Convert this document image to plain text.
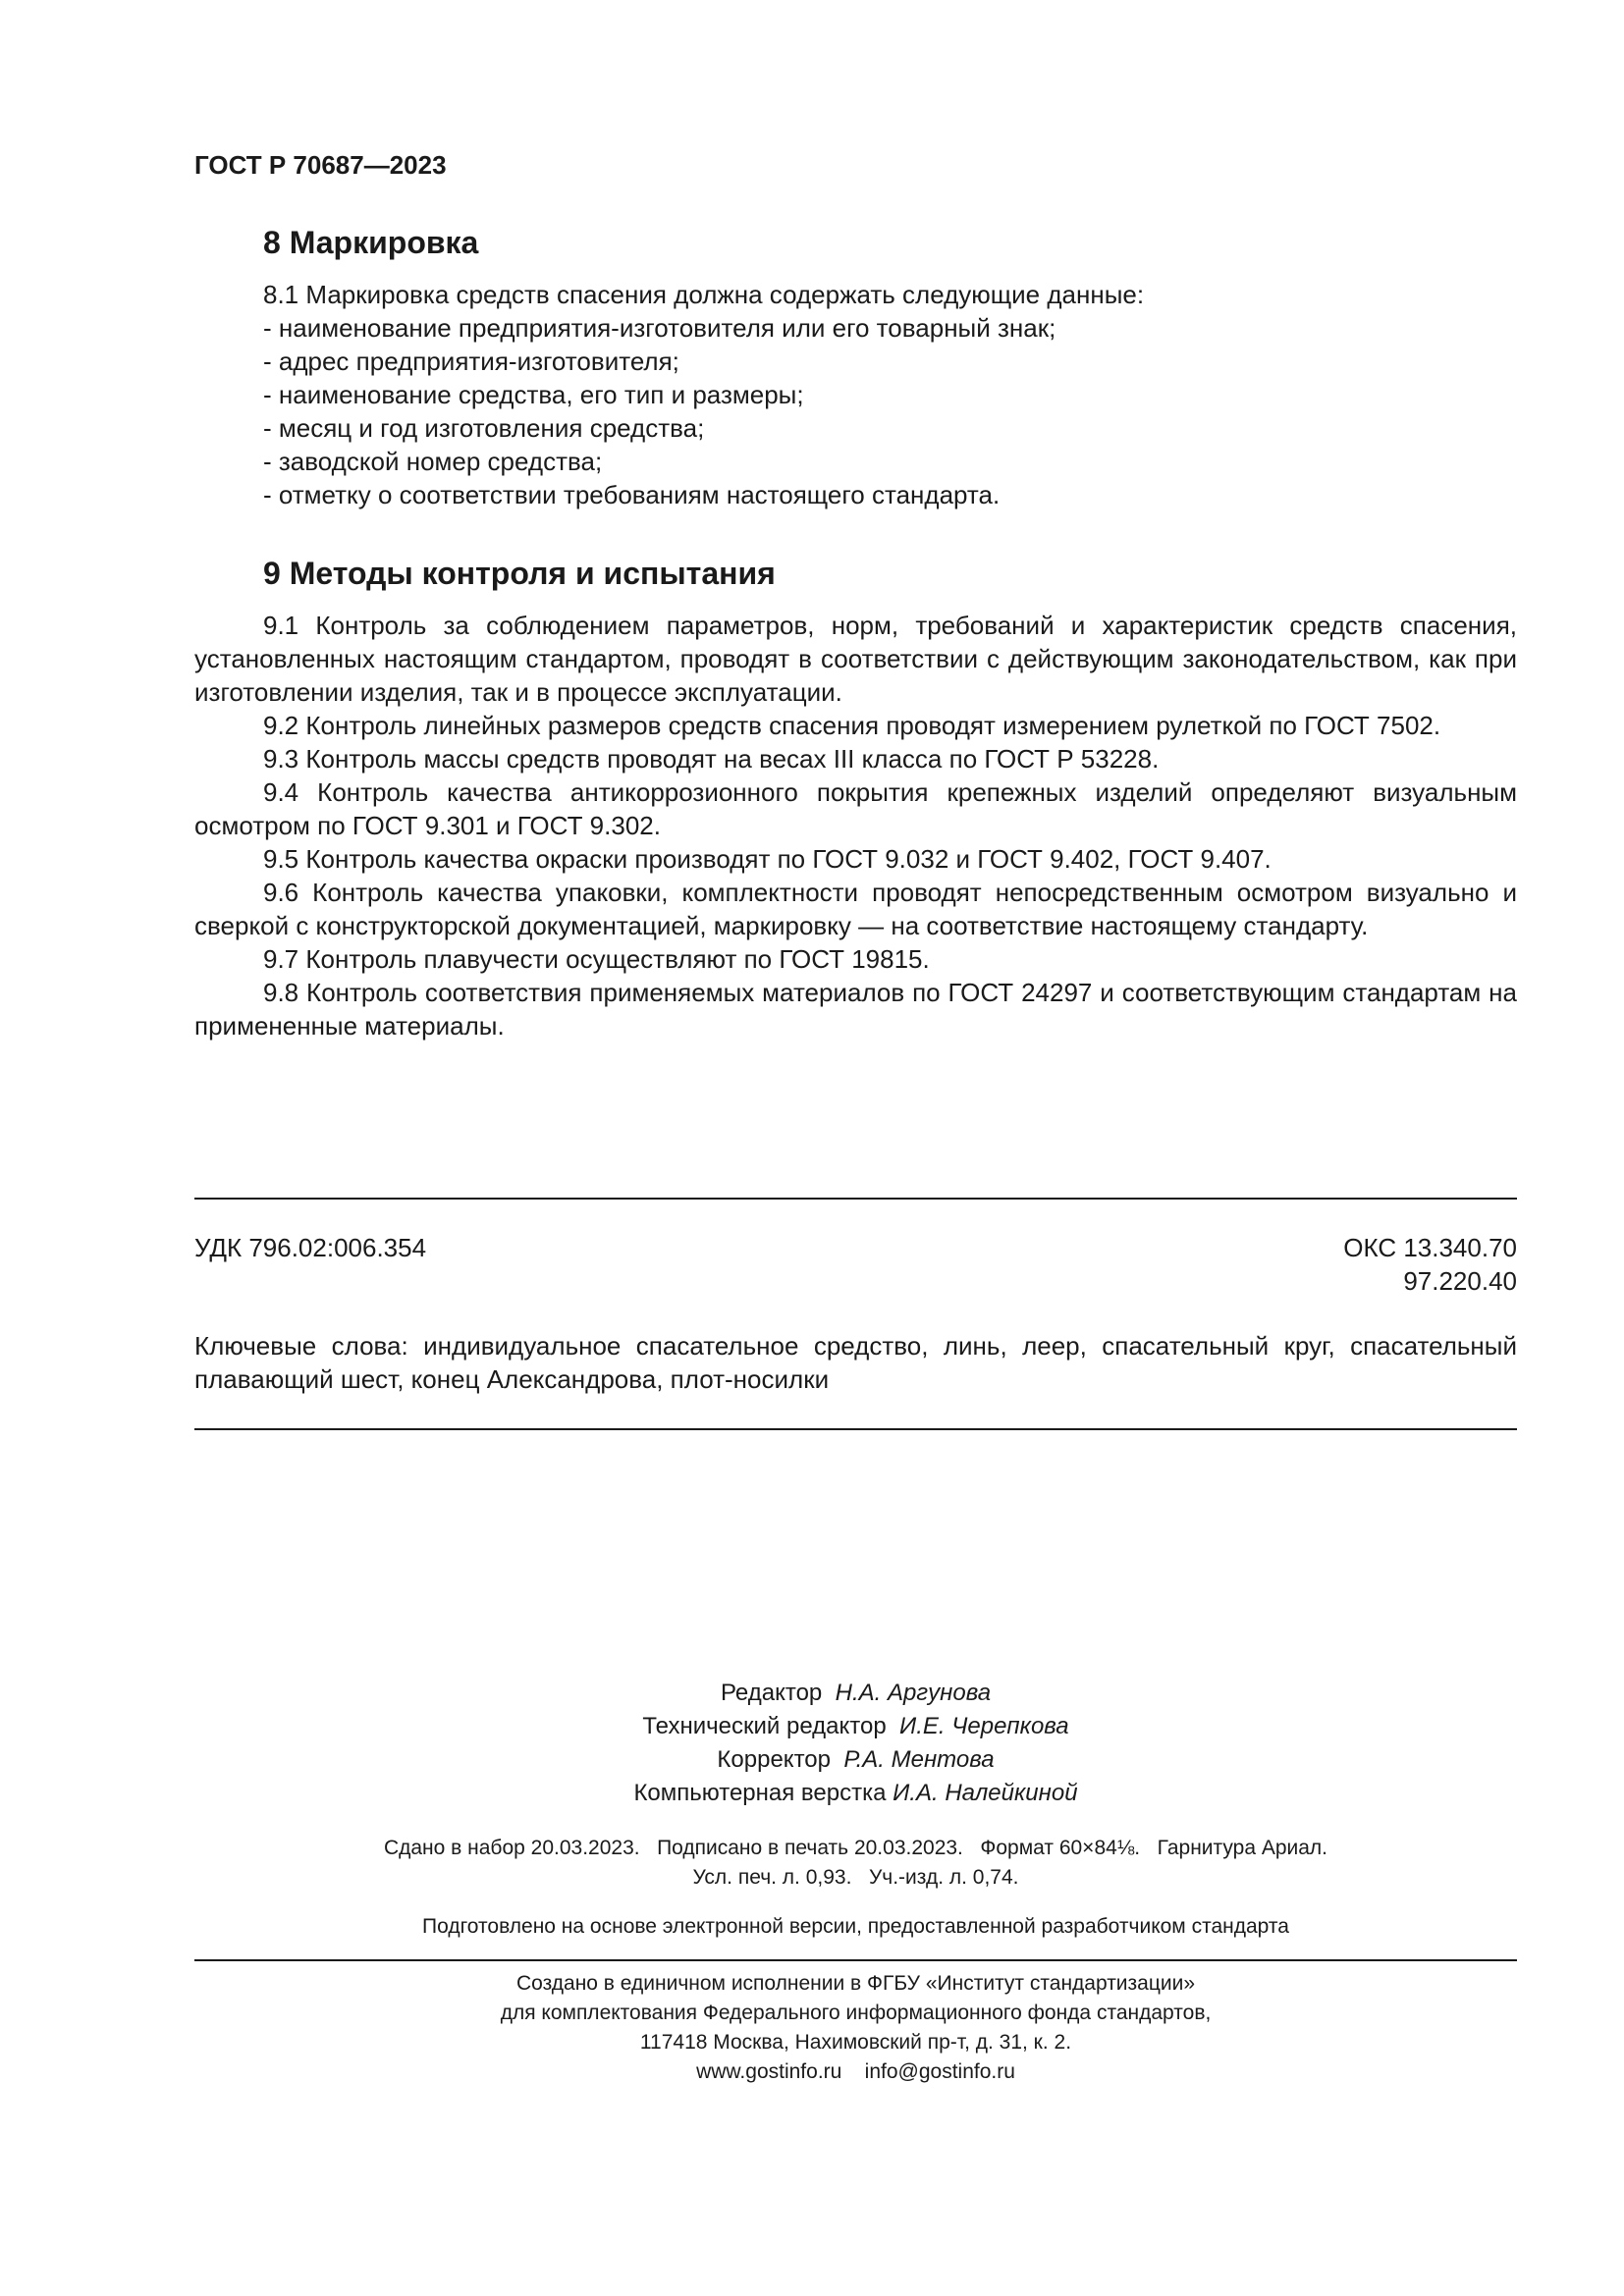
ГОСТ Р 70687—2023
8 Маркировка
8.1 Маркировка средств спасения должна содержать следующие данные:
- наименование предприятия-изготовителя или его товарный знак;
- адрес предприятия-изготовителя;
- наименование средства, его тип и размеры;
- месяц и год изготовления средства;
- заводской номер средства;
- отметку о соответствии требованиям настоящего стандарта.
9 Методы контроля и испытания

9.1 Контроль за соблюдением параметров, норм, требований и характеристик средств спасения, установленных настоящим стандартом, проводят в соответствии с действующим законодательством, как при изготовлении изделия, так и в процессе эксплуатации.

9.2 Контроль линейных размеров средств спасения проводят измерением рулеткой по ГОСТ 7502.

9.3 Контроль массы средств проводят на весах III класса по ГОСТ Р 53228.

9.4 Контроль качества антикоррозионного покрытия крепежных изделий определяют визуальным осмотром по ГОСТ 9.301 и ГОСТ 9.302.

9.5 Контроль качества окраски производят по ГОСТ 9.032 и ГОСТ 9.402, ГОСТ 9.407.

9.6 Контроль качества упаковки, комплектности проводят непосредственным осмотром визуально и сверкой с конструкторской документацией, маркировку — на соответствие настоящему стандарту.

9.7 Контроль плавучести осуществляют по ГОСТ 19815.

9.8 Контроль соответствия применяемых материалов по ГОСТ 24297 и соответствующим стандартам на примененные материалы.

УДК 796.02:006.354	ОКС 13.340.70
97.220.40
Ключевые слова: индивидуальное спасательное средство, линь, леер, спасательный круг, спасательный плавающий шест, конец Александрова, плот-носилки
Редактор Н.А. Аргунова
Технический редактор И.Е. Черепкова
Корректор Р.А. Ментова
Компьютерная верстка И.А. Налейкиной
Сдано в набор 20.03.2023.   Подписано в печать 20.03.2023.   Формат 60×84⅛.   Гарнитура Ариал.
Усл. печ. л. 0,93.   Уч.-изд. л. 0,74.
Подготовлено на основе электронной версии, предоставленной разработчиком стандарта
Создано в единичном исполнении в ФГБУ «Институт стандартизации»
для комплектования Федерального информационного фонда стандартов,
117418 Москва, Нахимовский пр-т, д. 31, к. 2.
www.gostinfo.ru    info@gostinfo.ru
